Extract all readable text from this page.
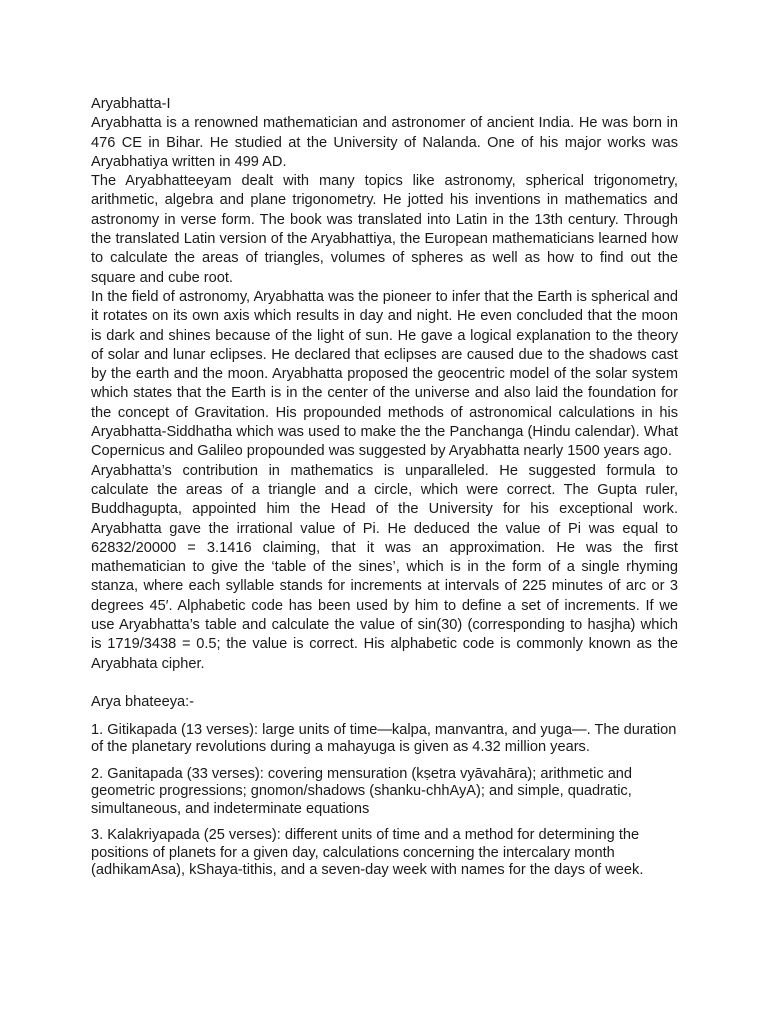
Aryabhatta-I

Aryabhatta is a renowned mathematician and astronomer of ancient India. He was born in 476 CE in Bihar. He studied at the University of Nalanda. One of his major works was Aryabhatiya written in 499 AD.

The Aryabhatteeyam dealt with many topics like astronomy, spherical trigonometry, arithmetic, algebra and plane trigonometry. He jotted his inventions in mathematics and astronomy in verse form. The book was translated into Latin in the 13th century. Through the translated Latin version of the Aryabhattiya, the European mathematicians learned how to calculate the areas of triangles, volumes of spheres as well as how to find out the square and cube root.

In the field of astronomy, Aryabhatta was the pioneer to infer that the Earth is spherical and it rotates on its own axis which results in day and night. He even concluded that the moon is dark and shines because of the light of sun. He gave a logical explanation to the theory of solar and lunar eclipses. He declared that eclipses are caused due to the shadows cast by the earth and the moon. Aryabhatta proposed the geocentric model of the solar system which states that the Earth is in the center of the universe and also laid the foundation for the concept of Gravitation. His propounded methods of astronomical calculations in his Aryabhatta-Siddhatha which was used to make the the Panchanga (Hindu calendar). What Copernicus and Galileo propounded was suggested by Aryabhatta nearly 1500 years ago.

Aryabhatta’s contribution in mathematics is unparalleled. He suggested formula to calculate the areas of a triangle and a circle, which were correct. The Gupta ruler, Buddhagupta, appointed him the Head of the University for his exceptional work. Aryabhatta gave the irrational value of Pi. He deduced the value of Pi was equal to 62832/20000 = 3.1416 claiming, that it was an approximation. He was the first mathematician to give the ‘table of the sines’, which is in the form of a single rhyming stanza, where each syllable stands for increments at intervals of 225 minutes of arc or 3 degrees 45′. Alphabetic code has been used by him to define a set of increments. If we use Aryabhatta’s table and calculate the value of sin(30) (corresponding to hasjha) which is 1719/3438 = 0.5; the value is correct. His alphabetic code is commonly known as the Aryabhata cipher.

Arya bhateeya:-

1. Gitikapada (13 verses): large units of time—kalpa, manvantra, and yuga—. The duration of the planetary revolutions during a mahayuga is given as 4.32 million years.

2. Ganitapada (33 verses): covering mensuration (kṣetra vyāvahāra); arithmetic and geometric progressions; gnomon/shadows (shanku-chhAyA); and simple, quadratic, simultaneous, and indeterminate equations

3. Kalakriyapada (25 verses): different units of time and a method for determining the positions of planets for a given day, calculations concerning the intercalary month (adhikamAsa), kShaya-tithis, and a seven-day week with names for the days of week.
